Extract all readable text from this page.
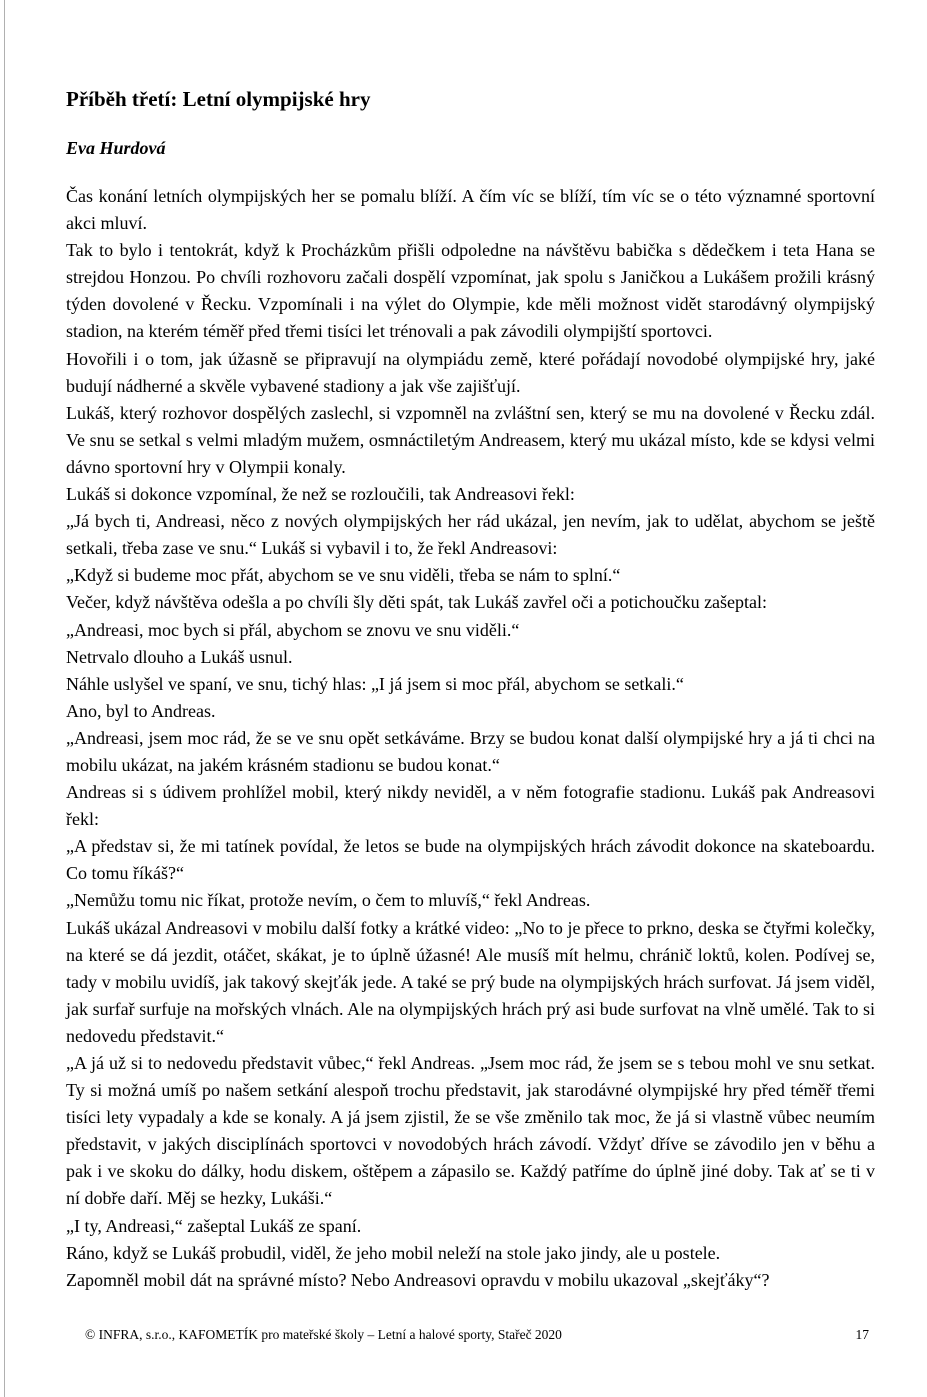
Příběh třetí: Letní olympijské hry
Eva Hurdová

Čas konání letních olympijských her se pomalu blíží. A čím víc se blíží, tím víc se o této významné sportovní akci mluví.

Tak to bylo i tentokrát, když k Procházkům přišli odpoledne na návštěvu babička s dědečkem i teta Hana se strejdou Honzou. Po chvíli rozhovoru začali dospělí vzpomínat, jak spolu s Janičkou a Lukášem prožili krásný týden dovolené v Řecku. Vzpomínali i na výlet do Olympie, kde měli možnost vidět starodávný olympijský stadion, na kterém téměř před třemi tisíci let trénovali a pak závodili olympijští sportovci.

Hovořili i o tom, jak úžasně se připravují na olympiádu země, které pořádají novodobé olympijské hry, jaké budují nádherné a skvěle vybavené stadiony a jak vše zajišťují.

Lukáš, který rozhovor dospělých zaslechl, si vzpomněl na zvláštní sen, který se mu na dovolené v Řecku zdál. Ve snu se setkal s velmi mladým mužem, osmnáctiletým Andreasem, který mu ukázal místo, kde se kdysi velmi dávno sportovní hry v Olympii konaly.

Lukáš si dokonce vzpomínal, že než se rozloučili, tak Andreasovi řekl:

„Já bych ti, Andreasi, něco z nových olympijských her rád ukázal, jen nevím, jak to udělat, abychom se ještě setkali, třeba zase ve snu.“ Lukáš si vybavil i to, že řekl Andreasovi:

„Když si budeme moc přát, abychom se ve snu viděli, třeba se nám to splní.“

Večer, když návštěva odešla a po chvíli šly děti spát, tak Lukáš zavřel oči a potichoučku zašeptal:

„Andreasi, moc bych si přál, abychom se znovu ve snu viděli.“

Netrvalo dlouho a Lukáš usnul.

Náhle uslyšel ve spaní, ve snu, tichý hlas: „I já jsem si moc přál, abychom se setkali.“

Ano, byl to Andreas.

„Andreasi, jsem moc rád, že se ve snu opět setkáváme. Brzy se budou konat další olympijské hry a já ti chci na mobilu ukázat, na jakém krásném stadionu se budou konat.“

Andreas si s údivem prohlížel mobil, který nikdy neviděl, a v něm fotografie stadionu. Lukáš pak Andreasovi řekl:

„A představ si, že mi tatínek povídal, že letos se bude na olympijských hrách závodit dokonce na skateboardu. Co tomu říkáš?“

„Nemůžu tomu nic říkat, protože nevím, o čem to mluvíš,“ řekl Andreas.

Lukáš ukázal Andreasovi v mobilu další fotky a krátké video: „No to je přece to prkno, deska se čtyřmi kolečky, na které se dá jezdit, otáčet, skákat, je to úplně úžasné! Ale musíš mít helmu, chránič loktů, kolen. Podívej se, tady v mobilu uvidíš, jak takový skejťák jede. A také se prý bude na olympijských hrách surfovat. Já jsem viděl, jak surfař surfuje na mořských vlnách. Ale na olympijských hrách prý asi bude surfovat na vlně umělé. Tak to si nedovedu představit.“

„A já už si to nedovedu představit vůbec,“ řekl Andreas. „Jsem moc rád, že jsem se s tebou mohl ve snu setkat. Ty si možná umíš po našem setkání alespoň trochu představit, jak starodávné olympijské hry před téměř třemi tisíci lety vypadaly a kde se konaly. A já jsem zjistil, že se vše změnilo tak moc, že já si vlastně vůbec neumím představit, v jakých disciplínách sportovci v novodobých hrách závodí. Vždyť dříve se závodilo jen v běhu a pak i ve skoku do dálky, hodu diskem, oštěpem a zápasilo se. Každý patříme do úplně jiné doby. Tak ať se ti v ní dobře daří. Měj se hezky, Lukáši.“

„I ty, Andreasi,“ zašeptal Lukáš ze spaní.

Ráno, když se Lukáš probudil, viděl, že jeho mobil neleží na stole jako jindy, ale u postele.

Zapomněl mobil dát na správné místo? Nebo Andreasovi opravdu v mobilu ukazoval „skejťáky“?

© INFRA, s.r.o., KAFOMETÍK pro mateřské školy – Letní a halové sporty, Stařeč 2020	17
